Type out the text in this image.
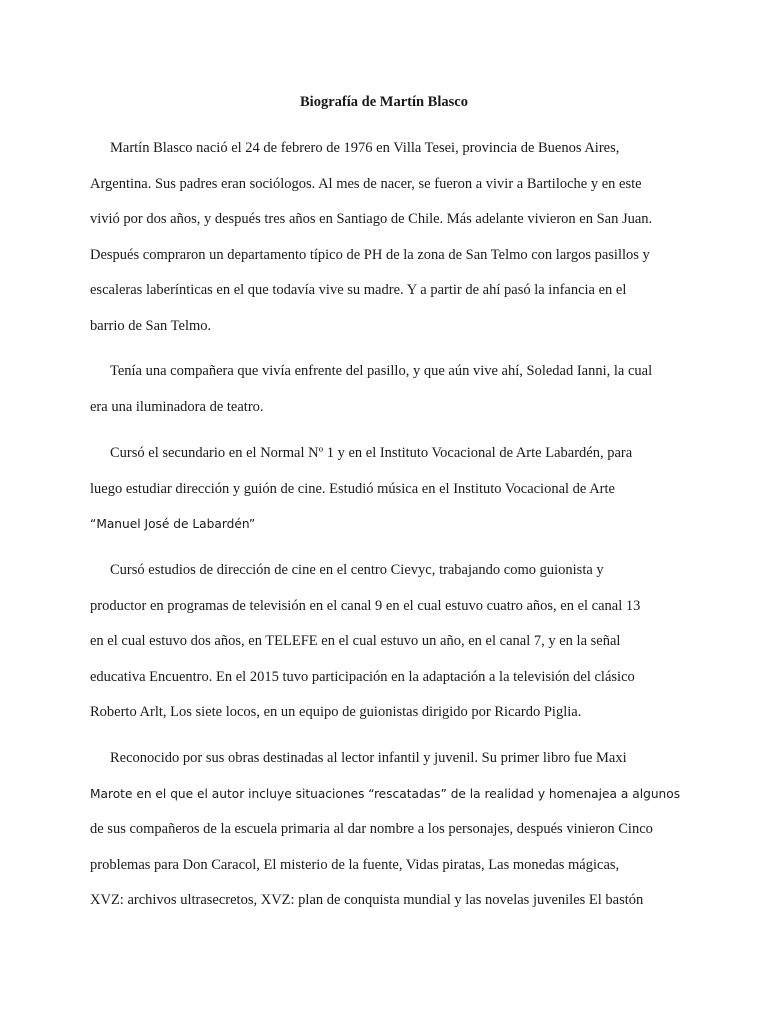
Biografía de Martín Blasco
Martín Blasco nació el 24 de febrero de 1976 en Villa Tesei, provincia de Buenos Aires,
Argentina. Sus padres eran sociólogos. Al mes de nacer, se fueron a vivir a Bartiloche y en este
vivió por dos años, y después tres años en Santiago de Chile. Más adelante vivieron en San Juan.
Después compraron un departamento típico de PH de la zona de San Telmo con largos pasillos y
escaleras laberínticas en el que todavía vive su madre. Y a partir de ahí pasó la infancia en el
barrio de San Telmo.
Tenía una compañera que vivía enfrente del pasillo, y que aún vive ahí, Soledad Ianni, la cual
era una iluminadora de teatro.
Cursó el secundario en el Normal Nº 1 y en el Instituto Vocacional de Arte Labardén, para
luego estudiar dirección y guión de cine. Estudió música en el Instituto Vocacional de Arte
“Manuel José de Labardén”
Cursó estudios de dirección de cine en el centro Cievyc, trabajando como guionista y
productor en programas de televisión en el canal 9 en el cual estuvo cuatro años, en el canal 13
en el cual estuvo dos años, en TELEFE en el cual estuvo un año, en el canal 7, y en la señal
educativa Encuentro. En el 2015 tuvo participación en la adaptación a la televisión del clásico
Roberto Arlt, Los siete locos, en un equipo de guionistas dirigido por Ricardo Piglia.
Reconocido por sus obras destinadas al lector infantil y juvenil. Su primer libro fue Maxi
Marote en el que el autor incluye situaciones “rescatadas” de la realidad y homenajea a algunos
de sus compañeros de la escuela primaria al dar nombre a los personajes, después vinieron Cinco
problemas para Don Caracol, El misterio de la fuente, Vidas piratas, Las monedas mágicas,
XVZ: archivos ultrasecretos, XVZ: plan de conquista mundial y las novelas juveniles El bastón
